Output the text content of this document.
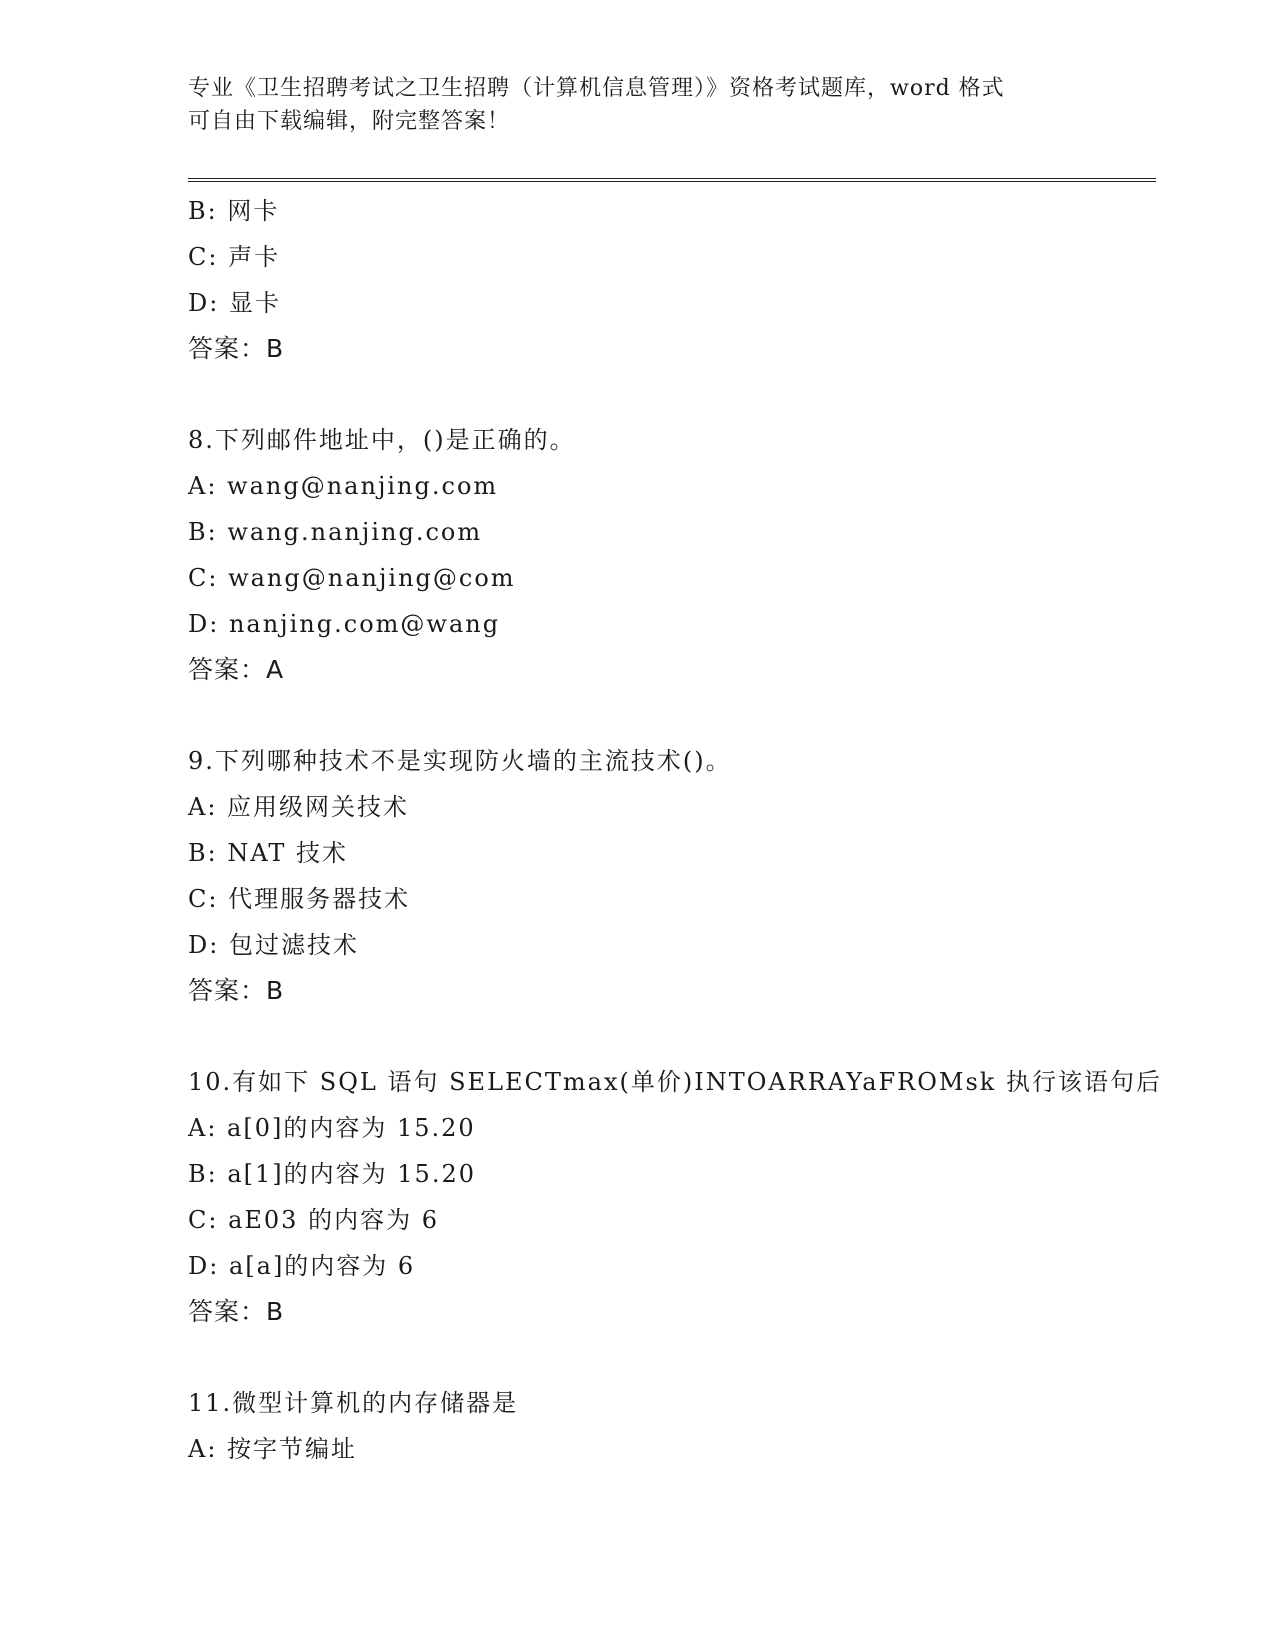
专业《卫生招聘考试之卫生招聘（计算机信息管理）》资格考试题库，word 格式
可自由下载编辑，附完整答案！
B: 网卡
C: 声卡
D: 显卡
答案：B
8.下列邮件地址中，()是正确的。
A: wang@nanjing.com
B: wang.nanjing.com
C: wang@nanjing@com
D: nanjing.com@wang
答案：A
9.下列哪种技术不是实现防火墙的主流技术()。
A: 应用级网关技术
B: NAT 技术
C: 代理服务器技术
D: 包过滤技术
答案：B
10.有如下 SQL 语句 SELECTmax(单价)INTOARRAYaFROMsk 执行该语句后
A: a[0]的内容为 15.20
B: a[1]的内容为 15.20
C: aE03 的内容为 6
D: a[a]的内容为 6
答案：B
11.微型计算机的内存储器是
A: 按字节编址
